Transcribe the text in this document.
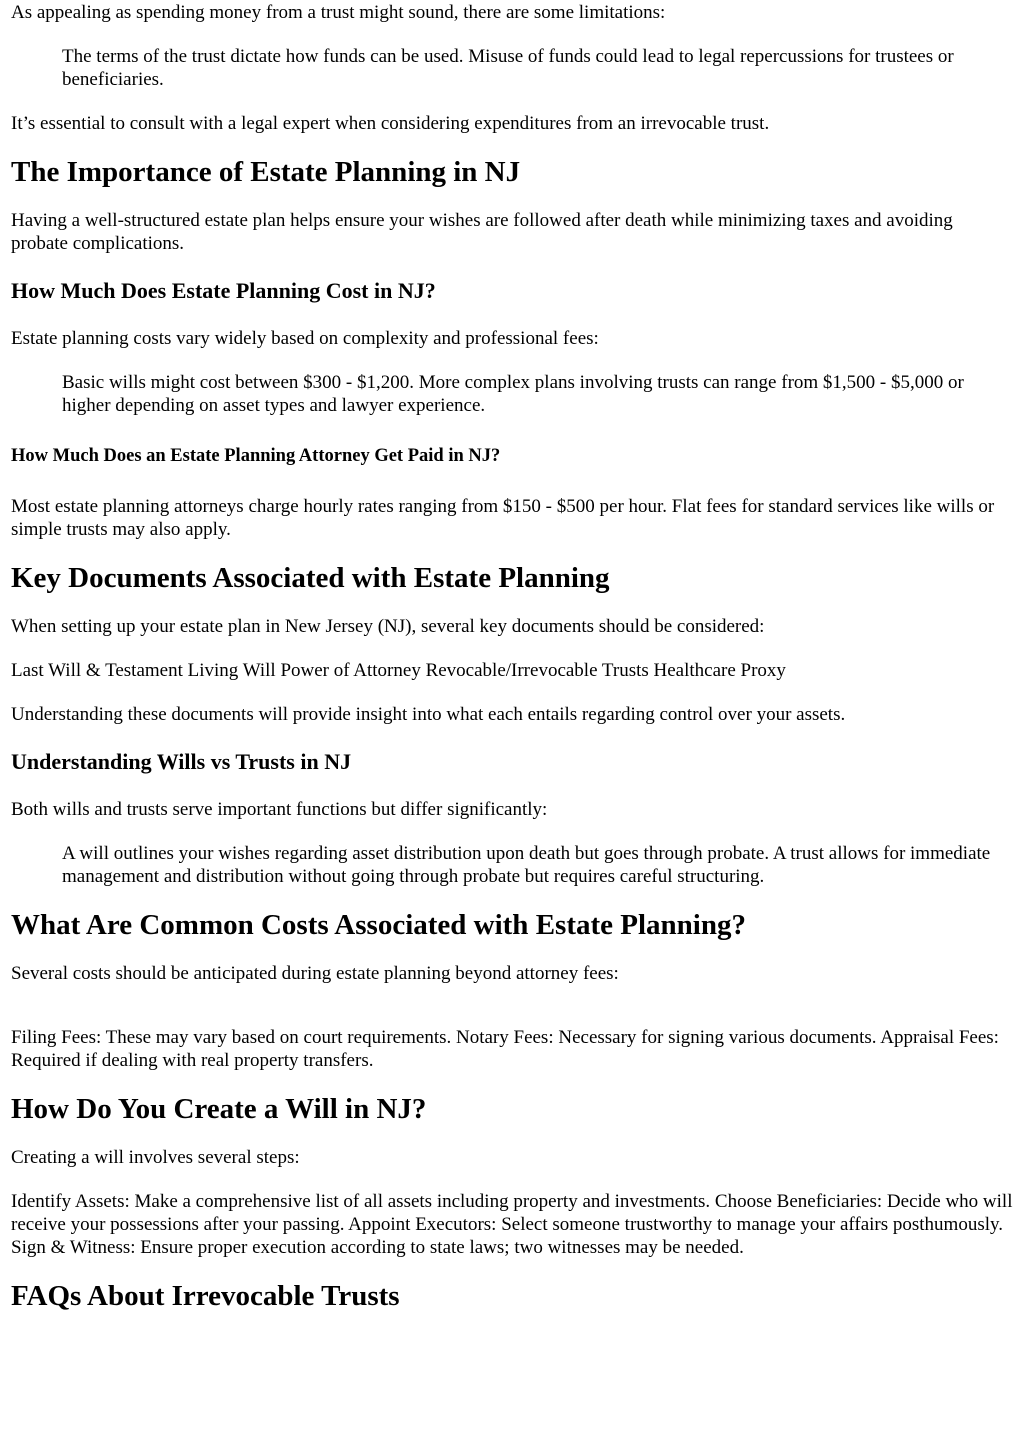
As appealing as spending money from a trust might sound, there are some limitations:

The terms of the trust dictate how funds can be used. Misuse of funds could lead to legal repercussions for trustees or beneficiaries.

It’s essential to consult with a legal expert when considering expenditures from an irrevocable trust.

The Importance of Estate Planning in NJ

Having a well-structured estate plan helps ensure your wishes are followed after death while minimizing taxes and avoiding probate complications.

How Much Does Estate Planning Cost in NJ?

Estate planning costs vary widely based on complexity and professional fees:

Basic wills might cost between $300 - $1,200. More complex plans involving trusts can range from $1,500 - $5,000 or higher depending on asset types and lawyer experience.

How Much Does an Estate Planning Attorney Get Paid in NJ?

Most estate planning attorneys charge hourly rates ranging from $150 - $500 per hour. Flat fees for standard services like wills or simple trusts may also apply.

Key Documents Associated with Estate Planning

When setting up your estate plan in New Jersey (NJ), several key documents should be considered:

Last Will & Testament Living Will Power of Attorney Revocable/Irrevocable Trusts Healthcare Proxy

Understanding these documents will provide insight into what each entails regarding control over your assets.

Understanding Wills vs Trusts in NJ

Both wills and trusts serve important functions but differ significantly:

A will outlines your wishes regarding asset distribution upon death but goes through probate. A trust allows for immediate management and distribution without going through probate but requires careful structuring.

What Are Common Costs Associated with Estate Planning?

Several costs should be anticipated during estate planning beyond attorney fees:

Filing Fees: These may vary based on court requirements. Notary Fees: Necessary for signing various documents. Appraisal Fees: Required if dealing with real property transfers.

How Do You Create a Will in NJ?

Creating a will involves several steps:

Identify Assets: Make a comprehensive list of all assets including property and investments. Choose Beneficiaries: Decide who will receive your possessions after your passing. Appoint Executors: Select someone trustworthy to manage your affairs posthumously. Sign & Witness: Ensure proper execution according to state laws; two witnesses may be needed.

FAQs About Irrevocable Trusts
